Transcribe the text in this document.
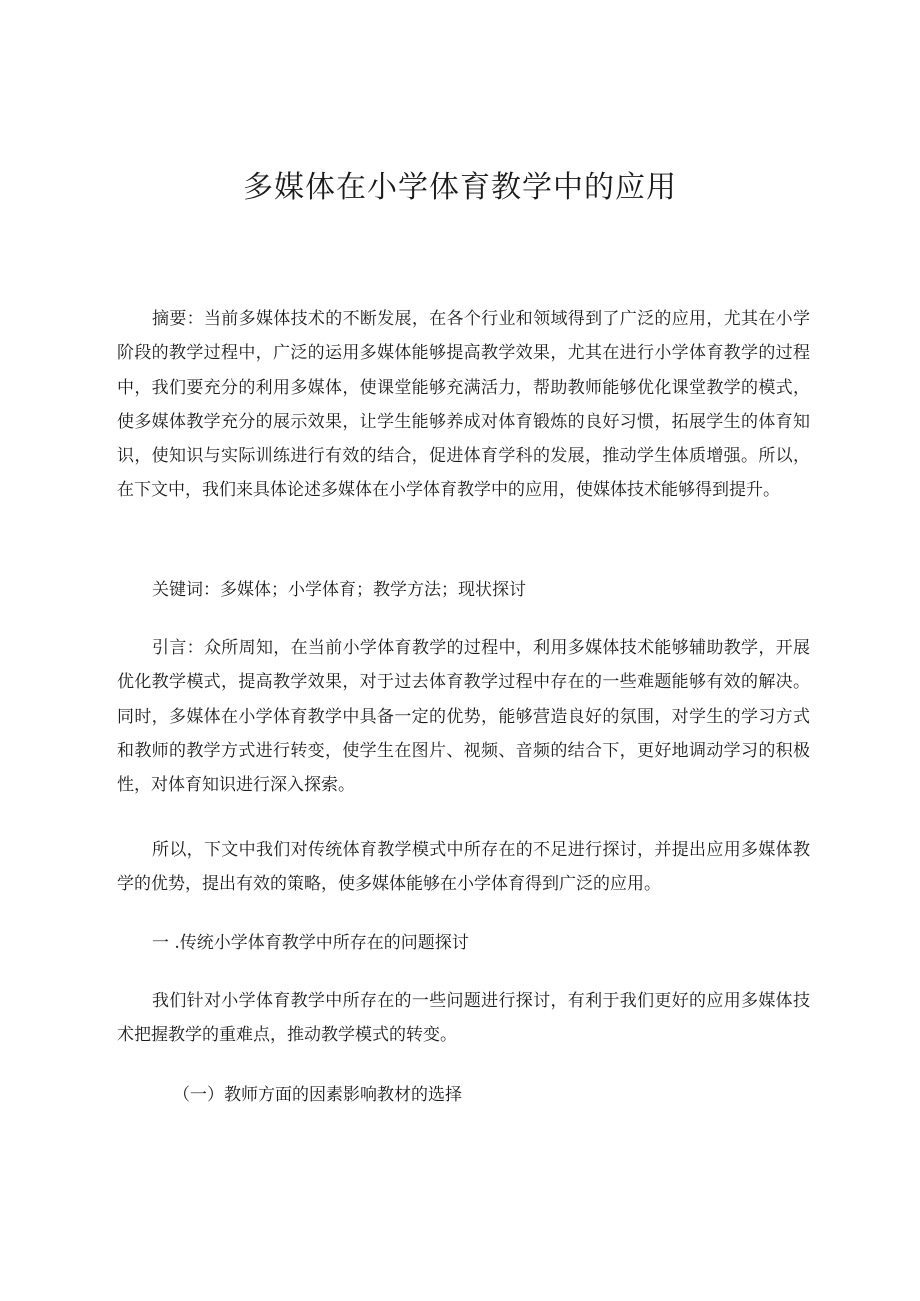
多媒体在小学体育教学中的应用

摘要：当前多媒体技术的不断发展，在各个行业和领域得到了广泛的应用，尤其在小学阶段的教学过程中，广泛的运用多媒体能够提高教学效果，尤其在进行小学体育教学的过程中，我们要充分的利用多媒体，使课堂能够充满活力，帮助教师能够优化课堂教学的模式，使多媒体教学充分的展示效果，让学生能够养成对体育锻炼的良好习惯，拓展学生的体育知识，使知识与实际训练进行有效的结合，促进体育学科的发展，推动学生体质增强。所以，在下文中，我们来具体论述多媒体在小学体育教学中的应用，使媒体技术能够得到提升。

关键词：多媒体；小学体育；教学方法；现状探讨

引言：众所周知，在当前小学体育教学的过程中，利用多媒体技术能够辅助教学，开展优化教学模式，提高教学效果，对于过去体育教学过程中存在的一些难题能够有效的解决。同时，多媒体在小学体育教学中具备一定的优势，能够营造良好的氛围，对学生的学习方式和教师的教学方式进行转变，使学生在图片、视频、音频的结合下，更好地调动学习的积极性，对体育知识进行深入探索。

所以，下文中我们对传统体育教学模式中所存在的不足进行探讨，并提出应用多媒体教学的优势，提出有效的策略，使多媒体能够在小学体育得到广泛的应用。

一 .传统小学体育教学中所存在的问题探讨

我们针对小学体育教学中所存在的一些问题进行探讨，有利于我们更好的应用多媒体技术把握教学的重难点，推动教学模式的转变。

（一）教师方面的因素影响教材的选择
